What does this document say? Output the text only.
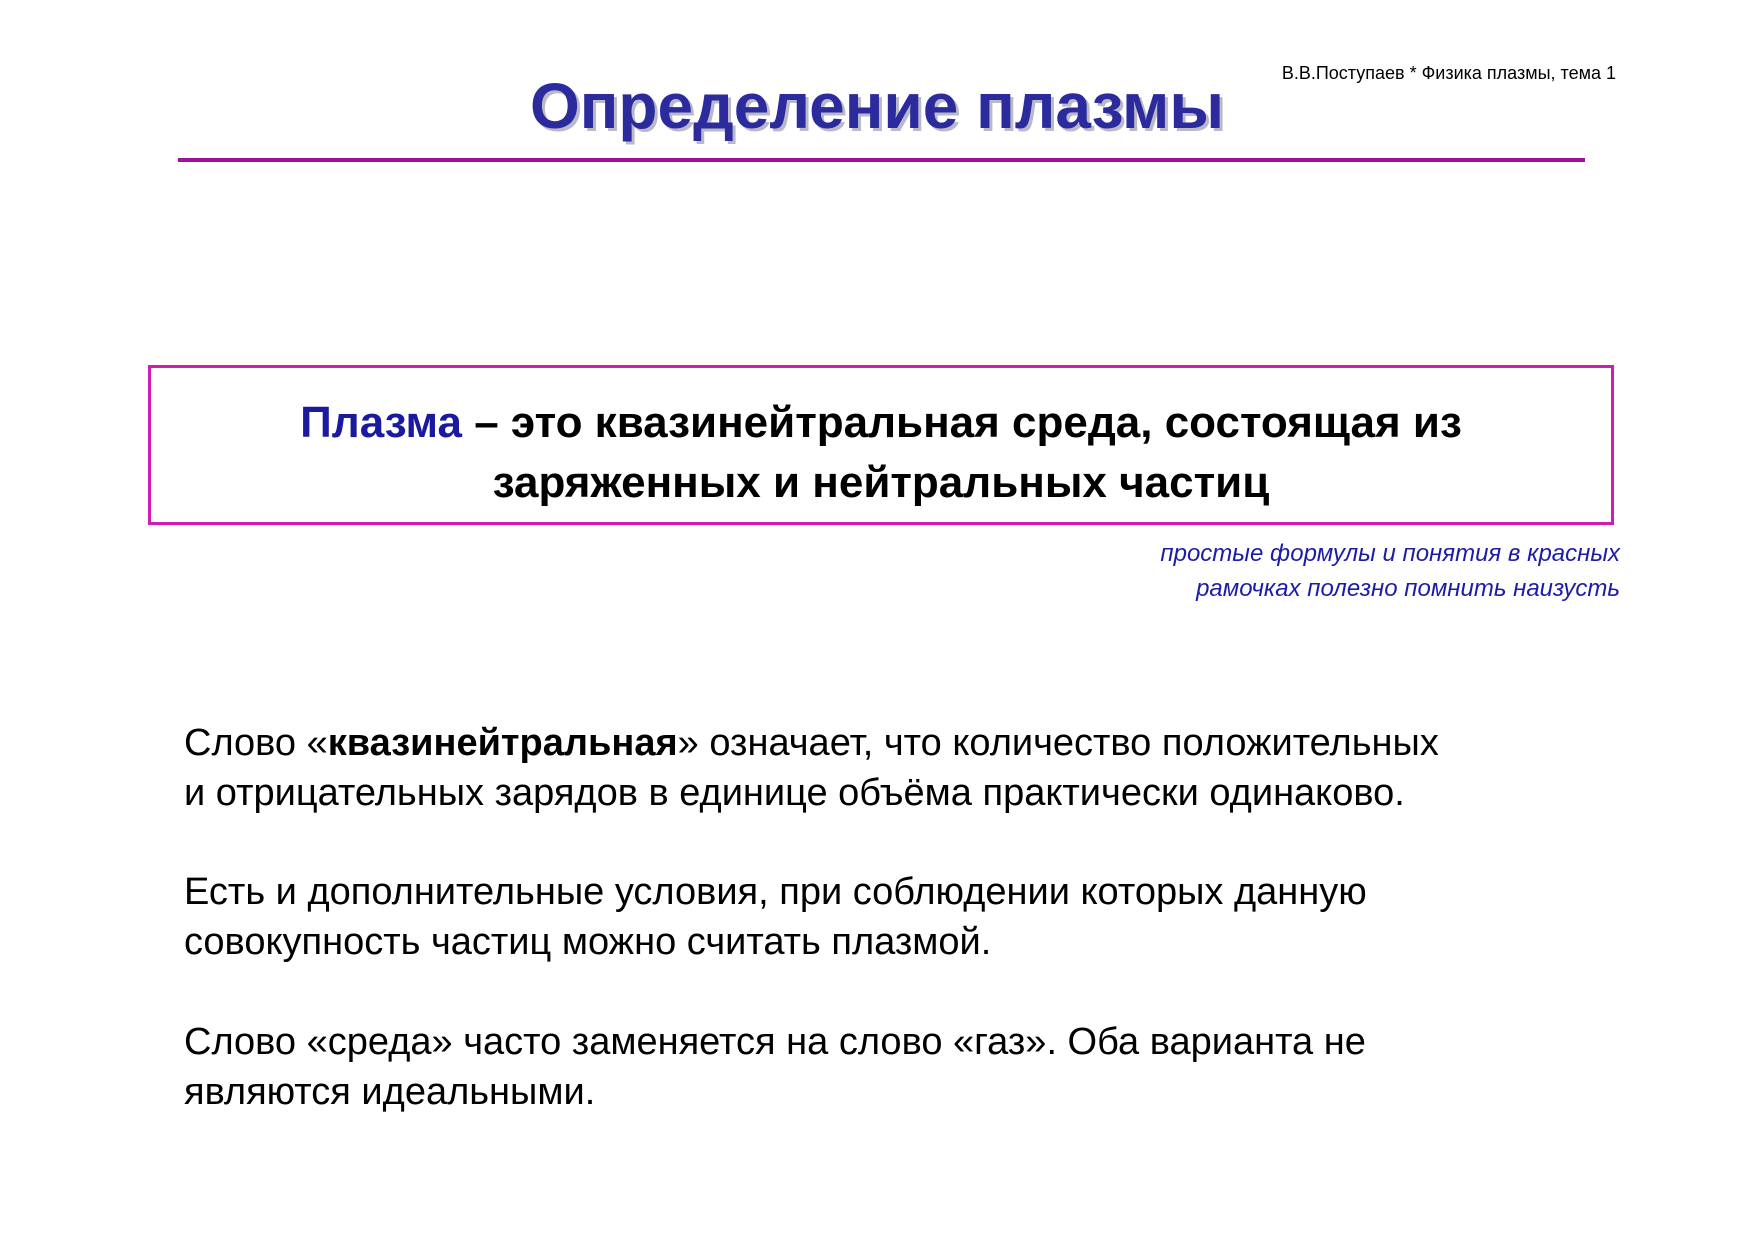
В.В.Поступаев * Физика плазмы, тема 1
Определение плазмы
Плазма – это квазинейтральная среда, состоящая из
заряженных и нейтральных частиц
простые формулы и понятия в красных
рамочках полезно помнить наизусть
Слово «квазинейтральная» означает, что количество положительных
и отрицательных зарядов в единице объёма практически одинаково.
Есть и дополнительные условия, при соблюдении которых данную
совокупность частиц можно считать плазмой.
Слово «среда» часто заменяется на слово «газ». Оба варианта не
являются идеальными.
